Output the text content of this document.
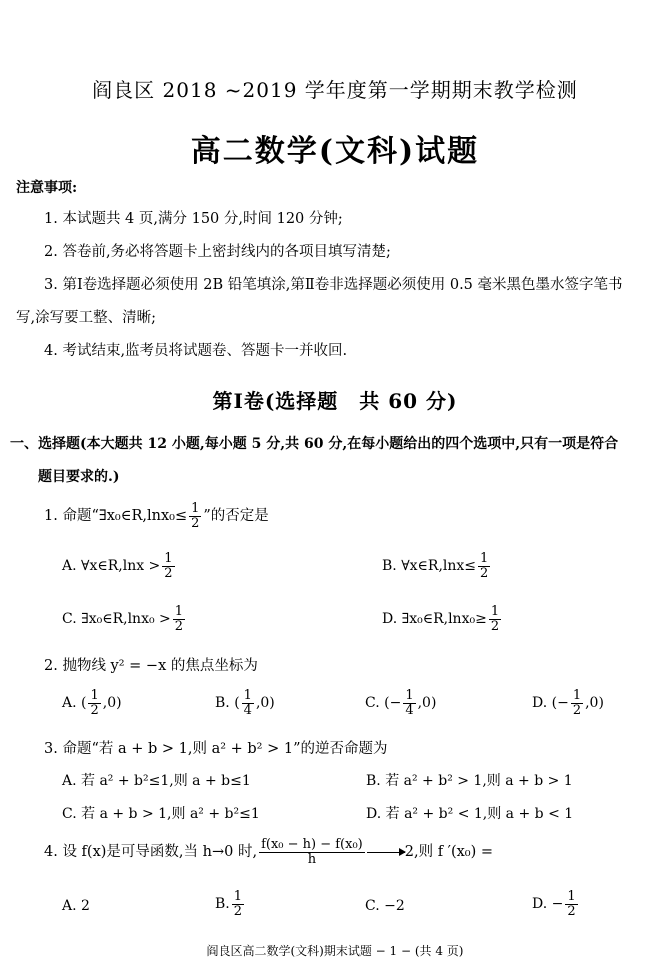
阎良区 2018 ~2019 学年度第一学期期末教学检测
高二数学(文科)试题
注意事项:
1. 本试题共 4 页,满分 150 分,时间 120 分钟;
2. 答卷前,务必将答题卡上密封线内的各项目填写清楚;
3. 第Ⅰ卷选择题必须使用 2B 铅笔填涂,第Ⅱ卷非选择题必须使用 0.5 毫米黑色墨水签字笔书
写,涂写要工整、清晰;
4. 考试结束,监考员将试题卷、答题卡一并收回.
第Ⅰ卷(选择题　共 60 分)
一、选择题(本大题共 12 小题,每小题 5 分,共 60 分,在每小题给出的四个选项中,只有一项是符合
题目要求的.)
1. 命题“∃x₀∈R,lnx₀≤ $\frac{1}{2}$ ”的否定是
A. ∀x∈R,lnx > $\frac{1}{2}$	B. ∀x∈R,lnx≤ $\frac{1}{2}$
C. ∃x₀∈R,lnx₀ > $\frac{1}{2}$	D. ∃x₀∈R,lnx₀≥ $\frac{1}{2}$
2. 抛物线 y² = −x 的焦点坐标为
A. ( $\frac{1}{2} ,0$)	B. ( $\frac{1}{4} ,0$)	C. (− $\frac{1}{4} ,0$)	D. (− $\frac{1}{2} ,0$)
3. 命题“若 a + b > 1,则 a² + b² > 1”的逆否命题为
A. 若 a² + b²≤1,则 a + b≤1	B. 若 a² + b² > 1,则 a + b > 1
C. 若 a + b > 1,则 a² + b²≤1	D. 若 a² + b² < 1,则 a + b < 1
4. 设 f(x)是可导函数,当 h→0 时, $\frac{\text{f(x₀ − h) − f(x₀)}}{h}$	2,则 f ′(x₀) =
A. 2	B. $\frac{1}{2}$	C. −2	D. − $\frac{1}{2}$
阎良区高二数学(文科)期末试题 − 1 − (共 4 页)
